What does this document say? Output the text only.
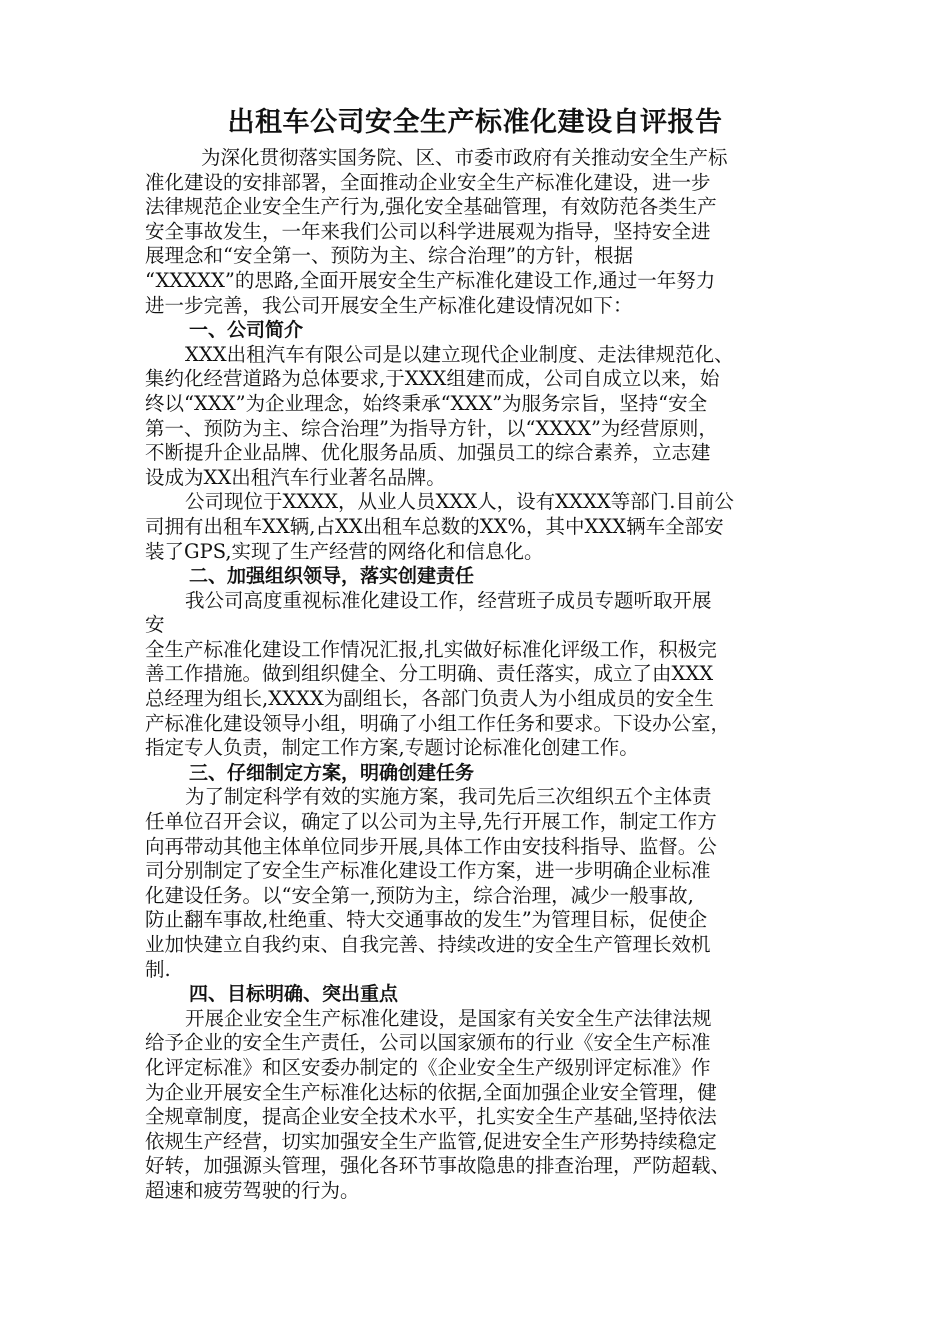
出租车公司安全生产标准化建设自评报告
为深化贯彻落实国务院、区、市委市政府有关推动安全生产标
准化建设的安排部署，全面推动企业安全生产标准化建设，进一步
法律规范企业安全生产行为,强化安全基础管理，有效防范各类生产
安全事故发生，一年来我们公司以科学进展观为指导，坚持安全进
展理念和“安全第一、预防为主、综合治理”的方针，根据
“XXXXX”的思路,全面开展安全生产标准化建设工作,通过一年努力
进一步完善，我公司开展安全生产标准化建设情况如下：
一、公司简介
XXX出租汽车有限公司是以建立现代企业制度、走法律规范化、
集约化经营道路为总体要求,于XXX组建而成，公司自成立以来，始
终以“XXX”为企业理念，始终秉承“XXX”为服务宗旨，坚持“安全
第一、预防为主、综合治理”为指导方针，以“XXXX”为经营原则，
不断提升企业品牌、优化服务品质、加强员工的综合素养，立志建
设成为XX出租汽车行业著名品牌。
公司现位于XXXX，从业人员XXX人，设有XXXX等部门.目前公
司拥有出租车XX辆,占XX出租车总数的XX%，其中XXX辆车全部安
装了GPS,实现了生产经营的网络化和信息化。
二、加强组织领导，落实创建责任
我公司高度重视标准化建设工作，经营班子成员专题听取开展
安
全生产标准化建设工作情况汇报,扎实做好标准化评级工作，积极完
善工作措施。做到组织健全、分工明确、责任落实，成立了由XXX
总经理为组长,XXXX为副组长，各部门负责人为小组成员的安全生
产标准化建设领导小组，明确了小组工作任务和要求。下设办公室，
指定专人负责，制定工作方案,专题讨论标准化创建工作。
三、仔细制定方案，明确创建任务
为了制定科学有效的实施方案，我司先后三次组织五个主体责
任单位召开会议，确定了以公司为主导,先行开展工作，制定工作方
向再带动其他主体单位同步开展,具体工作由安技科指导、监督。公
司分别制定了安全生产标准化建设工作方案，进一步明确企业标准
化建设任务。以“安全第一,预防为主，综合治理，减少一般事故,
防止翻车事故,杜绝重、特大交通事故的发生”为管理目标，促使企
业加快建立自我约束、自我完善、持续改进的安全生产管理长效机
制.
四、目标明确、突出重点
开展企业安全生产标准化建设，是国家有关安全生产法律法规
给予企业的安全生产责任，公司以国家颁布的行业《安全生产标准
化评定标准》和区安委办制定的《企业安全生产级别评定标准》作
为企业开展安全生产标准化达标的依据,全面加强企业安全管理，健
全规章制度，提高企业安全技术水平，扎实安全生产基础,坚持依法
依规生产经营，切实加强安全生产监管,促进安全生产形势持续稳定
好转，加强源头管理，强化各环节事故隐患的排查治理，严防超载、
超速和疲劳驾驶的行为。
